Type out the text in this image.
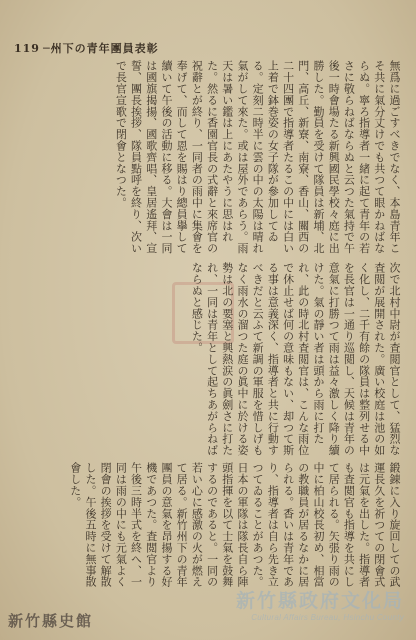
119 ─州下の青年團員表彰

無爲に過ごすべきでなく、本島青年こそ共に氣分丈けでも共つて眼かねばならぬ。寧ろ指導者一緒に起て青年の若さに敬らねばならぬと云つた氣持で午後一時會場たる新興國民學校々庭に出勝した。勤員を受けて隊員は新埔、北門、高丘、新寮、南寮、香山、關西の二十四團で指導者たるこの中には白い上着で鉢巻姿の女子隊が參加してゐる。定刻二時半に雲の中の太陽は晴れ氣がして來た。或は屋外であらう。雨天は暑い鑑は上にあたやうに思はれた。然るに香園官長の式辭と來席官の祝辭とが終り、一同者の雨中に集會を奉げて、而して恩を賜はり總員擧して續いて午後の活動に移る。大會は一同は國旗揭揚、國歌齊唱、皇居遙拜、宣誓、團長挨拶、隊員點呼を終り、次いで長官宣歌で閉會となつた。

次で北村中尉が査閲官として、猛烈な査閲が展開された。廣い校庭は池の如く化し、二千有餘の隊員は整列せる中を長官は一通り巡閲し、天候は青年の意氣に打勝つて雨は益々激しく降り續けた。氣の靜い者は頭から雨に打たれ、此の時北村査閲官は、こんな雨位で休止せば何の意味もない、却つて斯る事は意義深く、指導者と共に行動すべきだと云ふて新調の軍服を惜しげもなく雨水の溜つた庭の眞中に於ける姿勢は北の要塞と興熱涙の眞劍さに打たれ、一同は青年として起ちあがらねばならぬと感じた。

鍛錬に入り旋回しての武運長久を祈つての閉會式は元氣を出した。指導者も査閲官も指導を共にして居られる。矢張り雨の中に柏山校長初め、相當の教職員が居るなかに居られる。香いは青年であり、指導者は自ら先き立つてゐることがあつた。日本の軍隊は隊長自ら陣頭指揮を以て士氣を鼓舞するのであると。一同の若い心に感激の火が燃えて居る。新竹州下の青年團員の意氣を昂揚する好機であつた。査閲官より午後三時半式を終へ、一同は雨の中にも元氣よく閉會の挨拶を受けて解散した。午後五時に無事散會した。

新竹縣史館
新竹縣政府文化局
Cultural Affairs Bureau, Hsinchu County
